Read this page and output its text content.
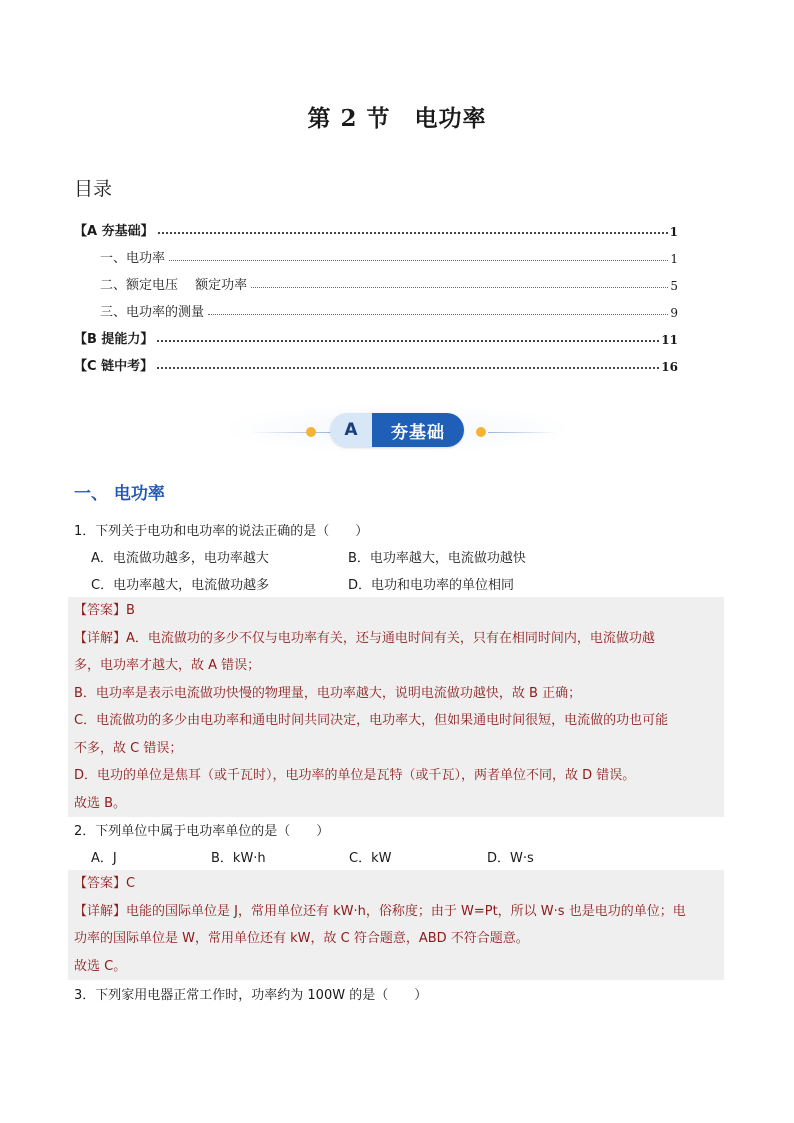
第 2 节　电功率
目录
【A 夯基础】	1
一、电功率	1
二、额定电压　 额定功率	5
三、电功率的测量	9
【B 提能力】	11
【C 链中考】	16
A	夯基础
一、 电功率
1．下列关于电功和电功率的说法正确的是（　　）
A．电流做功越多，电功率越大	B．电功率越大，电流做功越快
C．电功率越大，电流做功越多	D．电功和电功率的单位相同
【答案】B
【详解】A．电流做功的多少不仅与电功率有关，还与通电时间有关，只有在相同时间内，电流做功越
多，电功率才越大，故 A 错误；
B．电功率是表示电流做功快慢的物理量，电功率越大，说明电流做功越快，故 B 正确；
C．电流做功的多少由电功率和通电时间共同决定，电功率大，但如果通电时间很短，电流做的功也可能
不多，故 C 错误；
D．电功的单位是焦耳（或千瓦时），电功率的单位是瓦特（或千瓦），两者单位不同，故 D 错误。
故选 B。
2．下列单位中属于电功率单位的是（　　）
A．J	B．kW·h	C．kW	D．W·s
【答案】C
【详解】电能的国际单位是 J，常用单位还有 kW·h，俗称度；由于 W=Pt，所以 W·s 也是电功的单位；电
功率的国际单位是 W，常用单位还有 kW，故 C 符合题意，ABD 不符合题意。
故选 C。
3．下列家用电器正常工作时，功率约为 100W 的是（　　）
